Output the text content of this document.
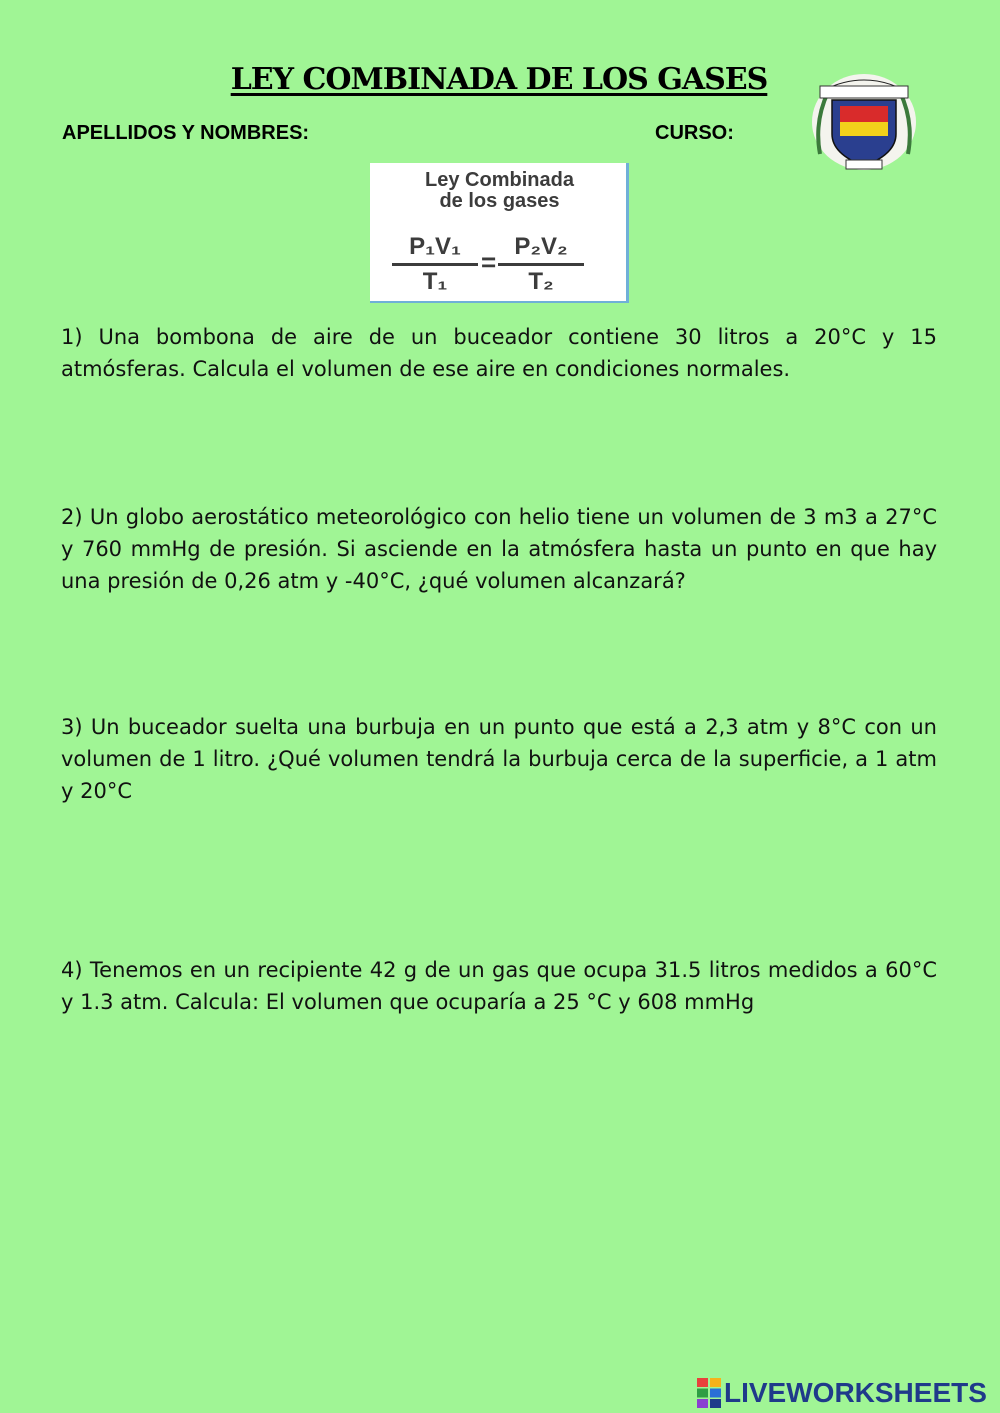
LEY COMBINADA DE LOS GASES
APELLIDOS Y NOMBRES:	CURSO:
Ley Combinada
de los gases
P₁V₁
T₁
=
P₂V₂
T₂

1) Una bombona de aire de un buceador contiene 30 litros a 20°C y 15 atmósferas. Calcula el volumen de ese aire en condiciones normales.

2) Un globo aerostático meteorológico con helio tiene un volumen de 3 m3 a 27°C y 760 mmHg de presión. Si asciende en la atmósfera hasta un punto en que hay una presión de 0,26 atm y -40°C, ¿qué volumen alcanzará?

3) Un buceador suelta una burbuja en un punto que está a 2,3 atm y 8°C con un volumen de 1 litro. ¿Qué volumen tendrá la burbuja cerca de la superficie, a 1 atm y 20°C

4) Tenemos en un recipiente 42 g de un gas que ocupa 31.5 litros medidos a 60°C y 1.3 atm. Calcula: El volumen que ocuparía a 25 °C y 608 mmHg

LIVEWORKSHEETS
